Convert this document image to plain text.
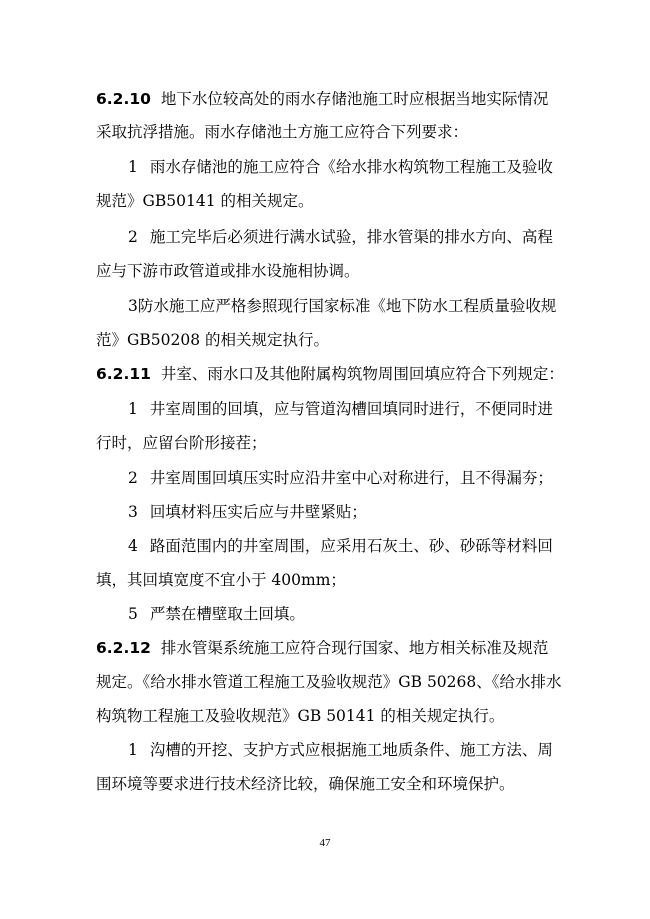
6.2.10 地下水位较高处的雨水存储池施工时应根据当地实际情况
采取抗浮措施。雨水存储池土方施工应符合下列要求：
1 雨水存储池的施工应符合《给水排水构筑物工程施工及验收
规范》GB50141 的相关规定。
2 施工完毕后必须进行满水试验，排水管渠的排水方向、高程
应与下游市政管道或排水设施相协调。
3防水施工应严格参照现行国家标准《地下防水工程质量验收规
范》GB50208 的相关规定执行。
6.2.11 井室、雨水口及其他附属构筑物周围回填应符合下列规定：
1 井室周围的回填，应与管道沟槽回填同时进行，不便同时进
行时，应留台阶形接茬；
2 井室周围回填压实时应沿井室中心对称进行，且不得漏夯；
3 回填材料压实后应与井壁紧贴；
4 路面范围内的井室周围，应采用石灰土、砂、砂砾等材料回
填，其回填宽度不宜小于 400mm；
5 严禁在槽壁取土回填。
6.2.12 排水管渠系统施工应符合现行国家、地方相关标准及规范
规定。《给水排水管道工程施工及验收规范》GB 50268、《给水排水
构筑物工程施工及验收规范》GB 50141 的相关规定执行。
1 沟槽的开挖、支护方式应根据施工地质条件、施工方法、周
围环境等要求进行技术经济比较，确保施工安全和环境保护。
47
